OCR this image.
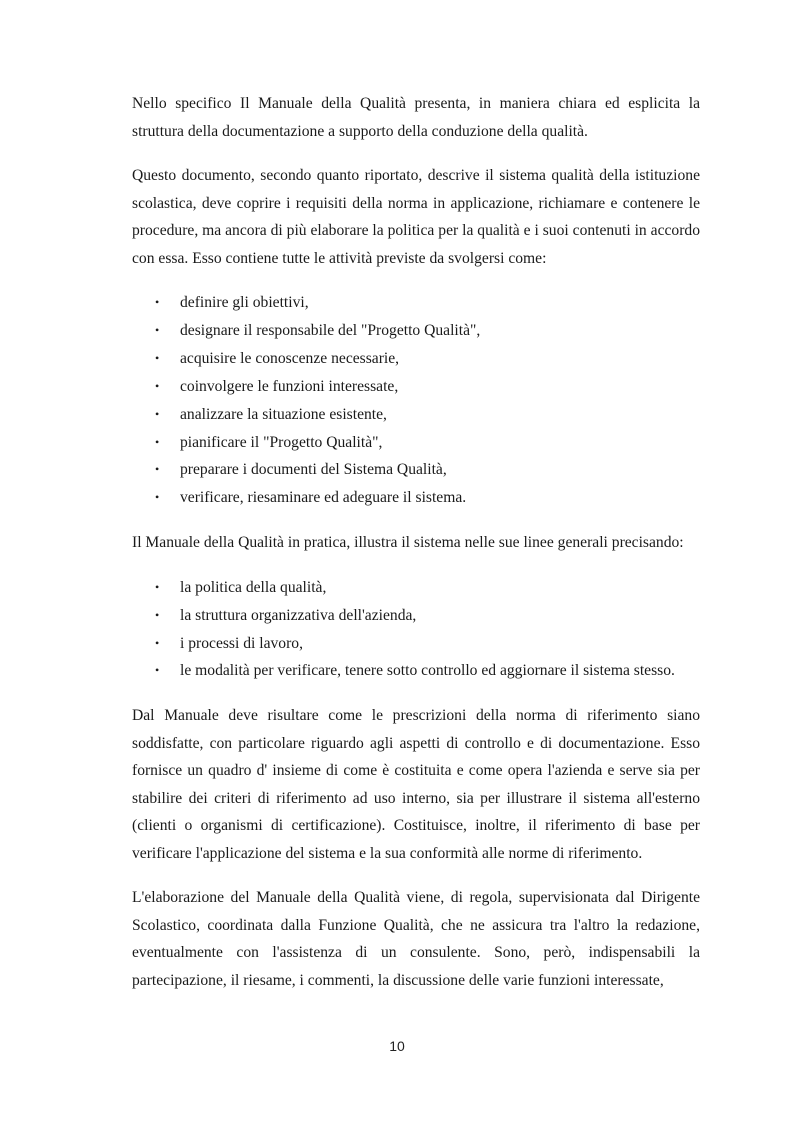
Nello specifico Il Manuale della Qualità presenta, in maniera chiara ed esplicita la struttura della documentazione a supporto della conduzione della qualità.

Questo documento, secondo quanto riportato, descrive il sistema qualità della istituzione scolastica, deve coprire i requisiti della norma in applicazione, richiamare e contenere le procedure, ma ancora di più elaborare la politica per la qualità e i suoi contenuti in accordo con essa. Esso contiene tutte le attività previste da svolgersi come:

• definire gli obiettivi,
• designare il responsabile del "Progetto Qualità",
• acquisire le conoscenze necessarie,
• coinvolgere le funzioni interessate,
• analizzare la situazione esistente,
• pianificare il "Progetto Qualità",
• preparare i documenti del Sistema Qualità,
• verificare, riesaminare ed adeguare il sistema.

Il Manuale della Qualità in pratica, illustra il sistema nelle sue linee generali precisando:

• la politica della qualità,
• la struttura organizzativa dell'azienda,
• i processi di lavoro,
• le modalità per verificare, tenere sotto controllo ed aggiornare il sistema stesso.

Dal Manuale deve risultare come le prescrizioni della norma di riferimento siano soddisfatte, con particolare riguardo agli aspetti di controllo e di documentazione. Esso fornisce un quadro d' insieme di come è costituita e come opera l'azienda e serve sia per stabilire dei criteri di riferimento ad uso interno, sia per illustrare il sistema all'esterno (clienti o organismi di certificazione). Costituisce, inoltre, il riferimento di base per verificare l'applicazione del sistema e la sua conformità alle norme di riferimento.

L'elaborazione del Manuale della Qualità viene, di regola, supervisionata dal Dirigente Scolastico, coordinata dalla Funzione Qualità, che ne assicura tra l'altro la redazione, eventualmente con l'assistenza di un consulente. Sono, però, indispensabili la partecipazione, il riesame, i commenti, la discussione delle varie funzioni interessate,

10
